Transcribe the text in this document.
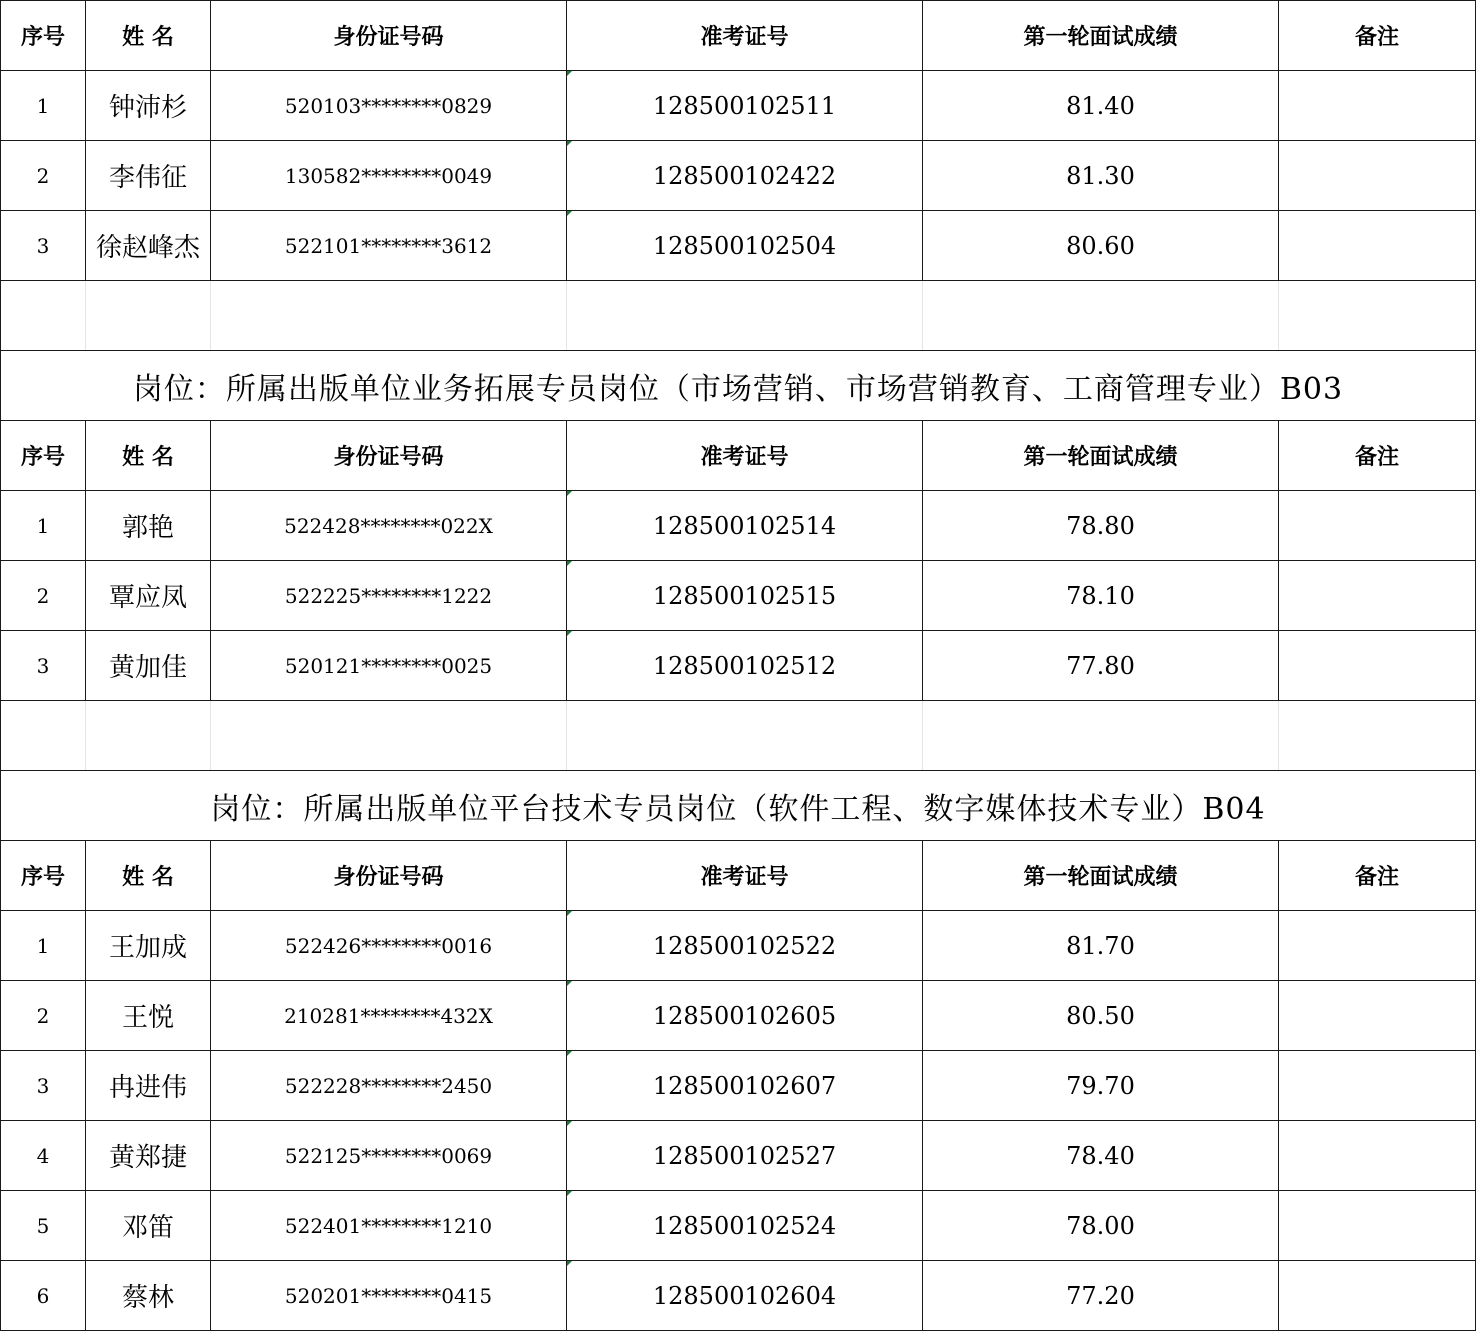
序号	姓 名	身份证号码	准考证号	第一轮面试成绩	备注
1	钟沛杉	520103********0829	128500102511	81.40	
2	李伟征	130582********0049	128500102422	81.30	
3	徐赵峰杰	522101********3612	128500102504	80.60	

岗位：所属出版单位业务拓展专员岗位（市场营销、市场营销教育、工商管理专业）B03					
序号	姓 名	身份证号码	准考证号	第一轮面试成绩	备注
1	郭艳	522428********022X	128500102514	78.80	
2	覃应凤	522225********1222	128500102515	78.10	
3	黄加佳	520121********0025	128500102512	77.80	

岗位：所属出版单位平台技术专员岗位（软件工程、数字媒体技术专业）B04					
序号	姓 名	身份证号码	准考证号	第一轮面试成绩	备注
1	王加成	522426********0016	128500102522	81.70	
2	王悦	210281********432X	128500102605	80.50	
3	冉进伟	522228********2450	128500102607	79.70	
4	黄郑捷	522125********0069	128500102527	78.40	
5	邓笛	522401********1210	128500102524	78.00	
6	蔡林	520201********0415	128500102604	77.20	
